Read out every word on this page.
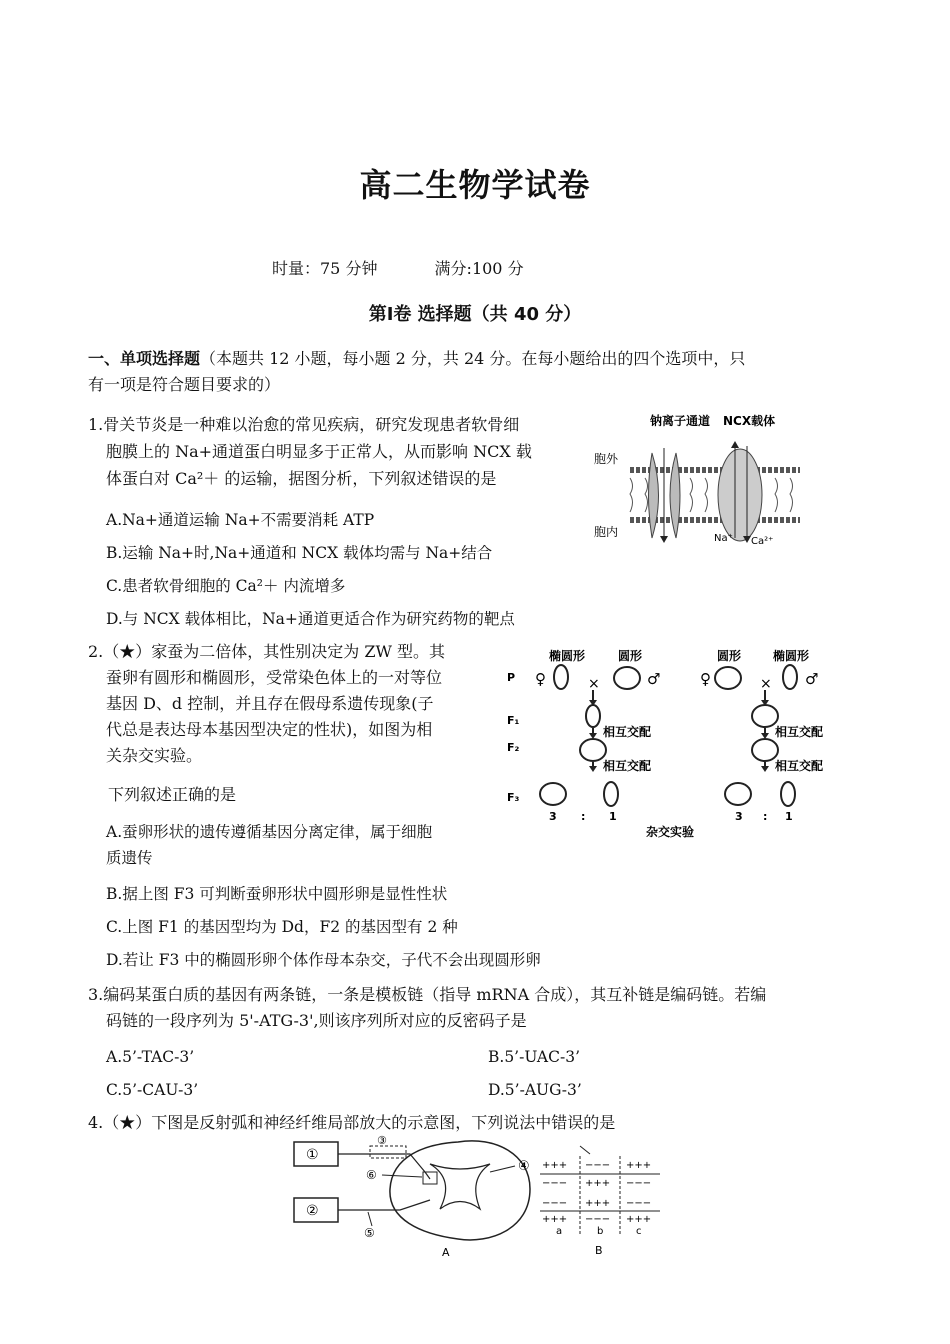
高二生物学试卷
时量：75 分钟	满分:100 分
第Ⅰ卷 选择题（共 40 分）
一、单项选择题（本题共 12 小题，每小题 2 分，共 24 分。在每小题给出的四个选项中，只
有一项是符合题目要求的）
1.骨关节炎是一种难以治愈的常见疾病，研究发现患者软骨细
胞膜上的 Na+通道蛋白明显多于正常人，从而影响 NCX 载
体蛋白对 Ca²＋ 的运输，据图分析，下列叙述错误的是
A.Na+通道运输 Na+不需要消耗 ATP
B.运输 Na+时,Na+通道和 NCX 载体均需与 Na+结合
C.患者软骨细胞的 Ca²＋ 内流增多
D.与 NCX 载体相比，Na+通道更适合作为研究药物的靶点
钠离子通道 NCX载体
胞外
胞内	Na⁺ Ca²⁺
2.（★）家蚕为二倍体，其性别决定为 ZW 型。其
蚕卵有圆形和椭圆形，受常染色体上的一对等位
基因 D、d 控制，并且存在假母系遗传现象(子
代总是表达母本基因型决定的性状)，如图为相
关杂交实验。
下列叙述正确的是
A.蚕卵形状的遗传遵循基因分离定律，属于细胞
质遗传
B.据上图 F3 可判断蚕卵形状中圆形卵是显性性状
C.上图 F1 的基因型均为 Dd，F2 的基因型有 2 种
D.若让 F3 中的椭圆形卵个体作母本杂交，子代不会出现圆形卵
椭圆形	圆形	圆形	椭圆形
P
F₁
F₂
F₃
♀	×	♂
相互交配
相互交配
3 : 1
♀	× ♂
相互交配
相互交配
3 : 1
杂交实验
3.编码某蛋白质的基因有两条链，一条是模板链（指导 mRNA 合成），其互补链是编码链。若编
码链的一段序列为 5'-ATG-3',则该序列所对应的反密码子是
A.5’-TAC-3’	B.5’-UAC-3’
C.5’-CAU-3’	D.5’-AUG-3’
4.（★）下图是反射弧和神经纤维局部放大的示意图，下列说法中错误的是
①
②
③
⑥
④
⑤
A
+++ −−− +++
−−− +++ −−−
−−− +++ −−−
+++ −−− +++
a	b	c
B
